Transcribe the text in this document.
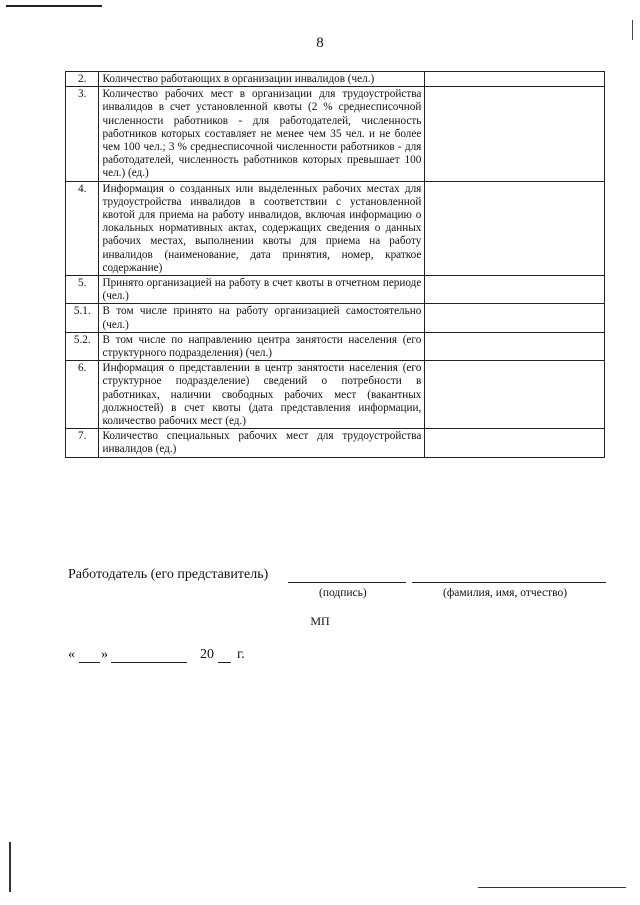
8
2.	Количество работающих в организации инвалидов (чел.)	
3.	Количество рабочих мест в организации для трудоустройства инвалидов в счет установленной квоты (2 % среднесписочной численности работников - для работодателей, численность работников которых составляет не менее чем 35 чел. и не более чем 100 чел.; 3 % среднесписочной численности работников - для работодателей, численность работников которых превышает 100 чел.) (ед.)	
4.	Информация о созданных или выделенных рабочих местах для трудоустройства инвалидов в соответствии с установленной квотой для приема на работу инвалидов, включая информацию о локальных нормативных актах, содержащих сведения о данных рабочих местах, выполнении квоты для приема на работу инвалидов (наименование, дата принятия, номер, краткое содержание)	
5.	Принято организацией на работу в счет квоты в отчетном периоде (чел.)	
5.1.	В том числе принято на работу организацией самостоятельно (чел.)	
5.2.	В том числе по направлению центра занятости населения (его структурного подразделения) (чел.)	
6.	Информация о представлении в центр занятости населения (его структурное подразделение) сведений о потребности в работниках, наличии свободных рабочих мест (вакантных должностей) в счет квоты (дата представления информации, количество рабочих мест (ед.)	
7.	Количество специальных рабочих мест для трудоустройства инвалидов (ед.)	
Работодатель (его представитель)
(подпись)	(фамилия, имя, отчество)
МП
« »	20 г.
